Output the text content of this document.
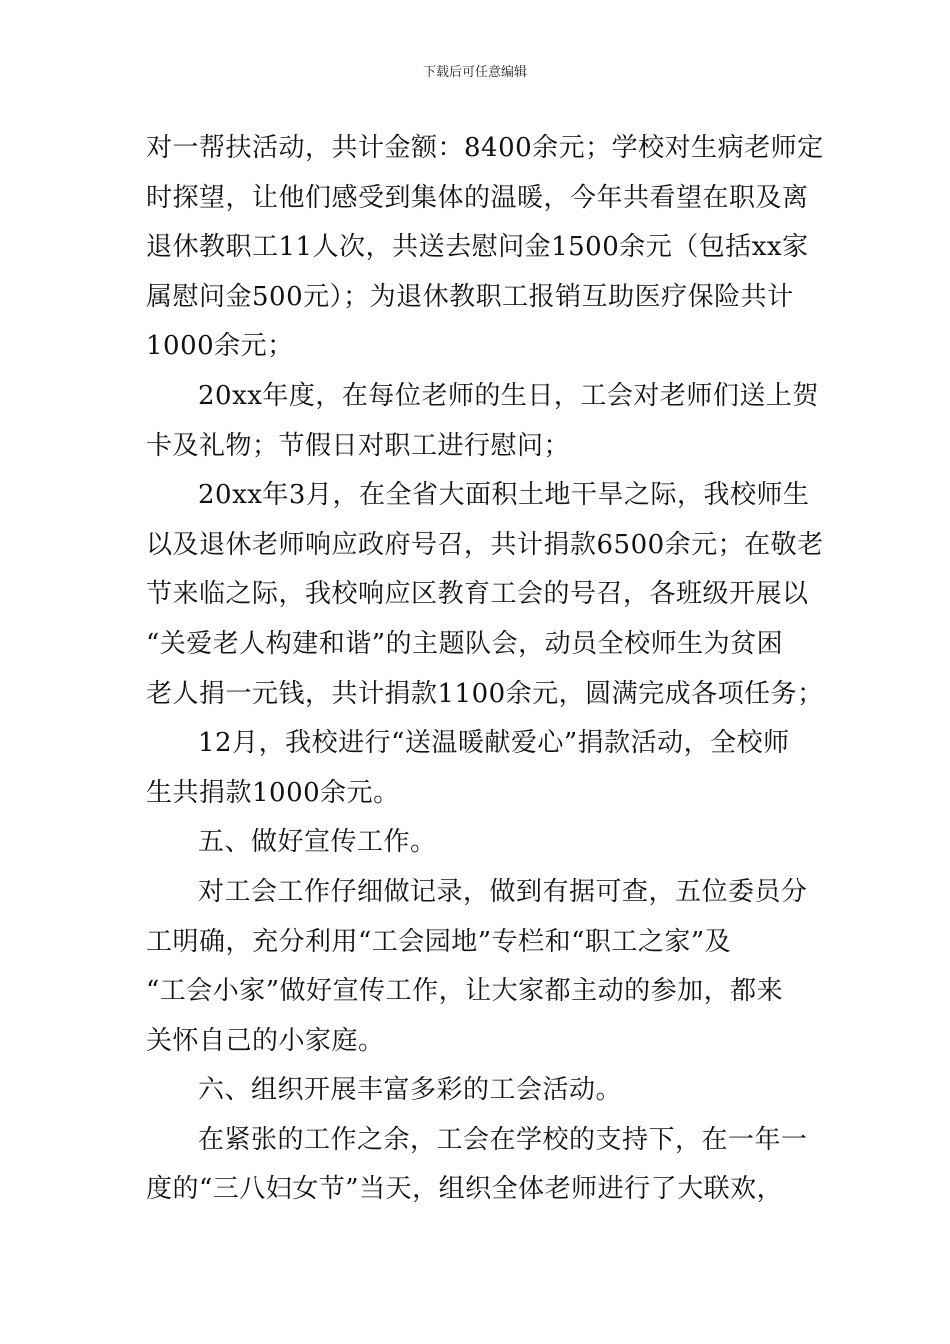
下载后可任意编辑
对一帮扶活动，共计金额：8400余元；学校对生病老师定
时探望，让他们感受到集体的温暖，今年共看望在职及离
退休教职工11人次，共送去慰问金1500余元（包括xx家
属慰问金500元）；为退休教职工报销互助医疗保险共计
1000余元；
20xx年度，在每位老师的生日，工会对老师们送上贺
卡及礼物；节假日对职工进行慰问；
20xx年3月，在全省大面积土地干旱之际，我校师生
以及退休老师响应政府号召，共计捐款6500余元；在敬老
节来临之际，我校响应区教育工会的号召，各班级开展以
“关爱老人构建和谐”的主题队会，动员全校师生为贫困
老人捐一元钱，共计捐款1100余元，圆满完成各项任务；
12月，我校进行“送温暖献爱心”捐款活动，全校师
生共捐款1000余元。
五、做好宣传工作。
对工会工作仔细做记录，做到有据可查，五位委员分
工明确，充分利用“工会园地”专栏和“职工之家”及
“工会小家”做好宣传工作，让大家都主动的参加，都来
关怀自己的小家庭。
六、组织开展丰富多彩的工会活动。
在紧张的工作之余，工会在学校的支持下，在一年一
度的“三八妇女节”当天，组织全体老师进行了大联欢，
